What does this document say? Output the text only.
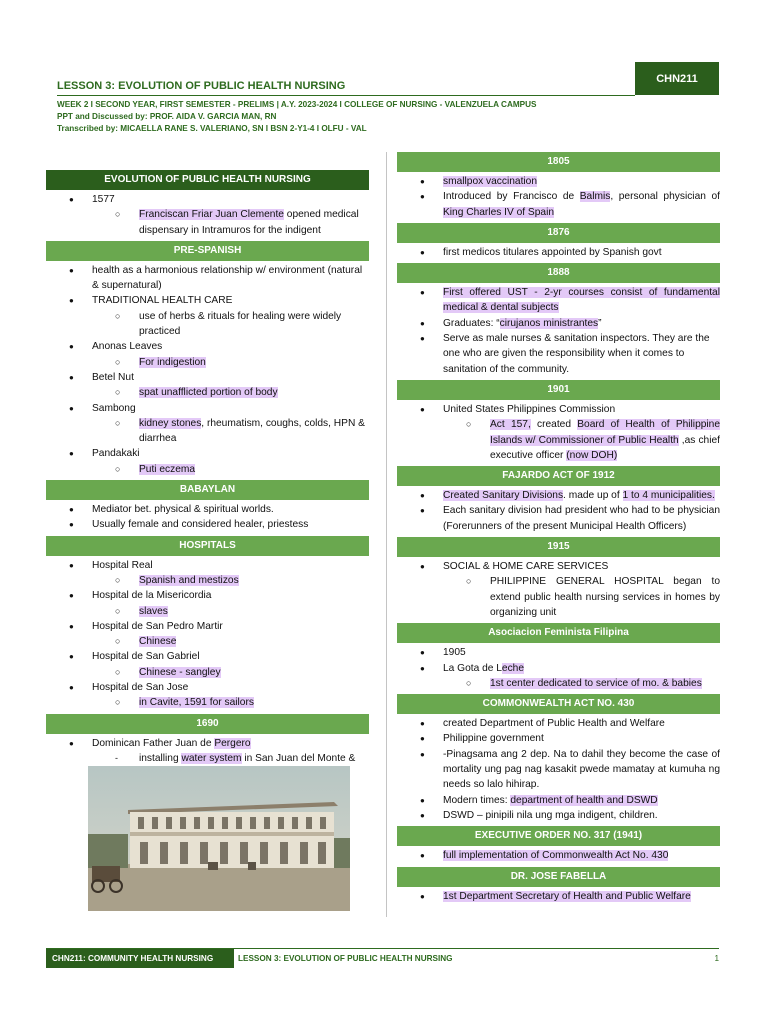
LESSON 3: EVOLUTION OF PUBLIC HEALTH NURSING
CHN211
WEEK 2 I SECOND YEAR, FIRST SEMESTER - PRELIMS | A.Y. 2023-2024 I COLLEGE OF NURSING - VALENZUELA CAMPUS
PPT and Discussed by: PROF. AIDA V. GARCIA MAN, RN
Transcribed by: MICAELLA RANE S. VALERIANO, SN I BSN 2-Y1-4 I OLFU - VAL
EVOLUTION OF PUBLIC HEALTH NURSING
● 1577
○ Franciscan Friar Juan Clemente opened medical dispensary in Intramuros for the indigent
PRE-SPANISH
● health as a harmonious relationship w/ environment (natural & supernatural)
● TRADITIONAL HEALTH CARE
○ use of herbs & rituals for healing were widely practiced
● Anonas Leaves
○ For indigestion
● Betel Nut
○ spat unafflicted portion of body
● Sambong
○ kidney stones, rheumatism, coughs, colds, HPN & diarrhea
● Pandakaki
○ Puti eczema
BABAYLAN
● Mediator bet. physical & spiritual worlds.
● Usually female and considered healer, priestess
HOSPITALS
● Hospital Real
○ Spanish and mestizos
● Hospital de la Misericordia
○ slaves
● Hospital de San Pedro Martir
○ Chinese
● Hospital de San Gabriel
○ Chinese - sangley
● Hospital de San Jose
○ in Cavite, 1591 for sailors
1690
● Dominican Father Juan de Pergero
- installing water system in San Juan del Monte &
1805
● smallpox vaccination
● Introduced by Francisco de Balmis, personal physician of King Charles IV of Spain
1876
● first medicos titulares appointed by Spanish govt
1888
● First offered UST - 2-yr courses consist of fundamental medical & dental subjects
● Graduates: “cirujanos ministrantes”
● Serve as male nurses & sanitation inspectors. They are the one who are given the responsibility when it comes to sanitation of the community.
1901
● United States Philippines Commission
○ Act 157, created Board of Health of Philippine Islands w/ Commissioner of Public Health ,as chief executive officer (now DOH)
FAJARDO ACT OF 1912
● Created Sanitary Divisions. made up of 1 to 4 municipalities.
● Each sanitary division had president who had to be physician (Forerunners of the present Municipal Health Officers)
1915
● SOCIAL & HOME CARE SERVICES
○ PHILIPPINE GENERAL HOSPITAL began to extend public health nursing services in homes by organizing unit
Asociacion Feminista Filipina
● 1905
● La Gota de Leche
○ 1st center dedicated to service of mo. & babies
COMMONWEALTH ACT NO. 430
● created Department of Public Health and Welfare
● Philippine government
● -Pinagsama ang 2 dep. Na to dahil they become the case of mortality ung pag nag kasakit pwede mamatay at kumuha ng needs so lalo hihirap.
● Modern times: department of health and DSWD
● DSWD – pinipili nila ung mga indigent, children.
EXECUTIVE ORDER NO. 317 (1941)
● full implementation of Commonwealth Act No. 430
DR. JOSE FABELLA
● 1st Department Secretary of Health and Public Welfare
CHN211: COMMUNITY HEALTH NURSING	LESSON 3: EVOLUTION OF PUBLIC HEALTH NURSING	1
